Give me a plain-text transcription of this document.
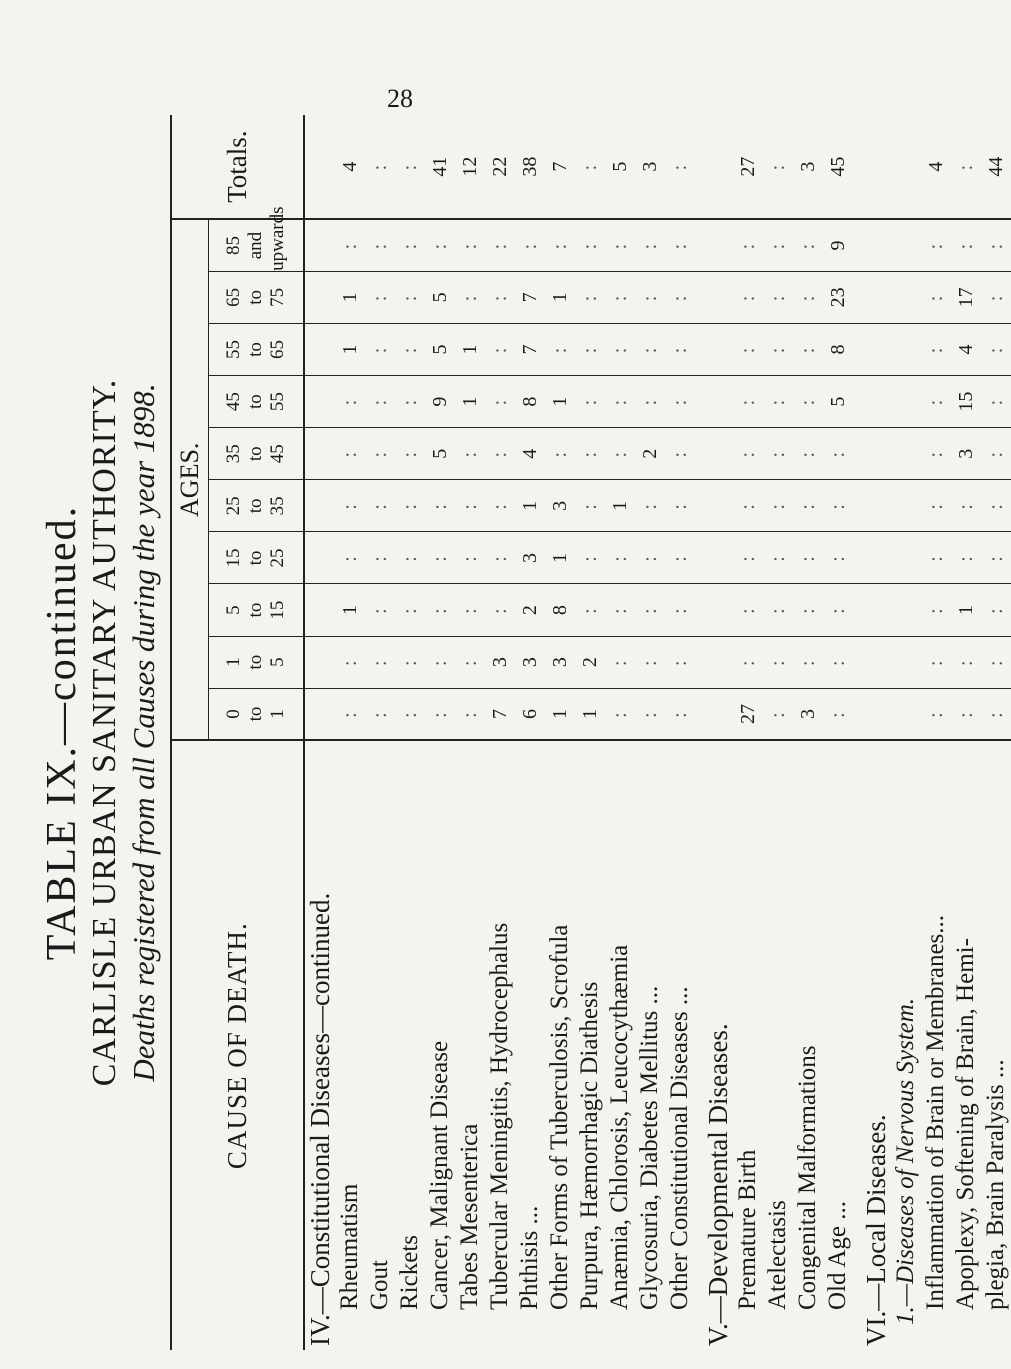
28
TABLE IX.—continued. CARLISLE URBAN SANITARY AUTHORITY. Deaths registered from all Causes during the year 1898. CAUSE OF DEATH.	AGES.										Totals.

	0 to 1	1 to 5	5 to 15	15 to 25	25 to 35	35 to 45	45 to 55	55 to 65	65 to 75	85 and upwards	

IV.—Constitutional Diseases—continued.											
Rheumatism	:	:	1	:	:	:	:	1	1	:	4
Gout	:	:	:	:	:	:	:	:	:	:	:
Rickets	:	:	:	:	:	:	:	:	:	:	:
Cancer, Malignant Disease	:	:	:	:	:	5	9	5	5	:	41
Tabes Mesenterica	:	:	:	:	:	:	1	1	:	:	12
Tubercular Meningitis, Hydrocephalus	7	3	:	:	:	:	:	:	:	:	22
Phthisis ...	6	3	2	3	1	4	8	7	7	:	38
Other Forms of Tuberculosis, Scrofula	1	3	8	1	3	:	1	:	1	:	7
Purpura, Hæmorrhagic Diathesis	1	2	:	:	:	:	:	:	:	:	:
Anæmia, Chlorosis, Leucocythæmia	:	:	:	:	1	:	:	:	:	:	5
Glycosuria, Diabetes Mellitus ...	:	:	:	:	:	2	:	:	:	:	3
Other Constitutional Diseases ...	:	:	:	:	:	:	:	:	:	:	:

V.—Developmental Diseases.											
Premature Birth	27	:	:	:	:	:	:	:	:	:	27
Atelectasis	:	:	:	:	:	:	:	:	:	:	:
Congenital Malformations	3	:	:	:	:	:	:	:	:	:	3
Old Age ...	:	:	:	:	:	:	5	8	23	9	45

VI.—Local Diseases.											
1.—Diseases of Nervous System.											
Inflammation of Brain or Membranes...	:	:	:	:	:	:	:	:	:	:	4
Apoplexy, Softening of Brain, Hemi-	:	:	1	:	:	3	15	4	17	:	:
plegia, Brain Paralysis ...	:	:	:	:	:	:	:	:	:	:	44
